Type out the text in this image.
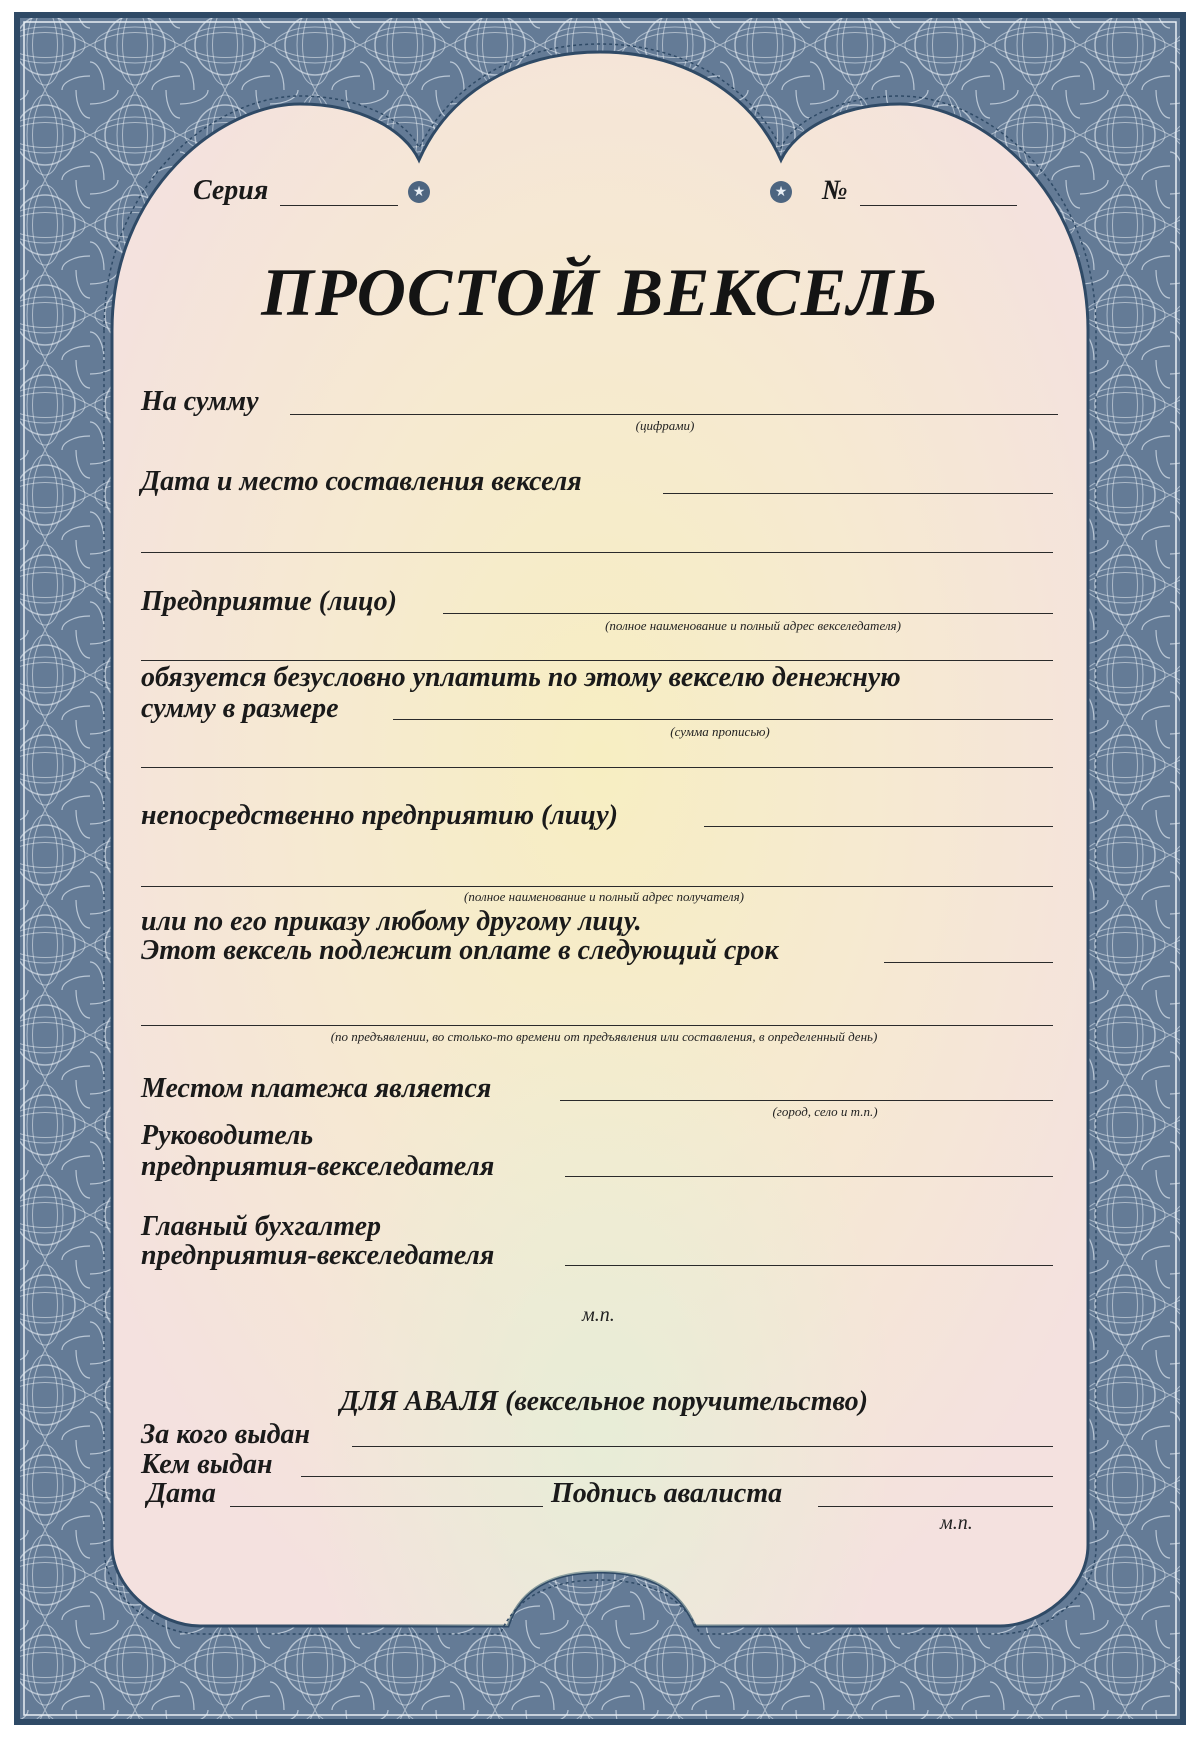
★	★
Серия	№
ПРОСТОЙ ВЕКСЕЛЬ
На сумму
(цифрами)
Дата и место составления векселя
Предприятие (лицо)
(полное наименование и полный адрес векселедателя)
обязуется безусловно уплатить по этому векселю денежную
сумму в размере
(сумма прописью)
непосредственно предприятию (лицу)
(полное наименование и полный адрес получателя)
или по его приказу любому другому лицу.
Этот вексель подлежит оплате в следующий срок
(по предъявлении, во столько-то времени от предъявления или составления, в определенный день)
Местом платежа является
(город, село и т.п.)
Руководитель
предприятия-векселедателя
Главный бухгалтер
предприятия-векселедателя
м.п.
ДЛЯ АВАЛЯ (вексельное поручительство)
За кого выдан
Кем выдан
Дата	Подпись авалиста
м.п.
